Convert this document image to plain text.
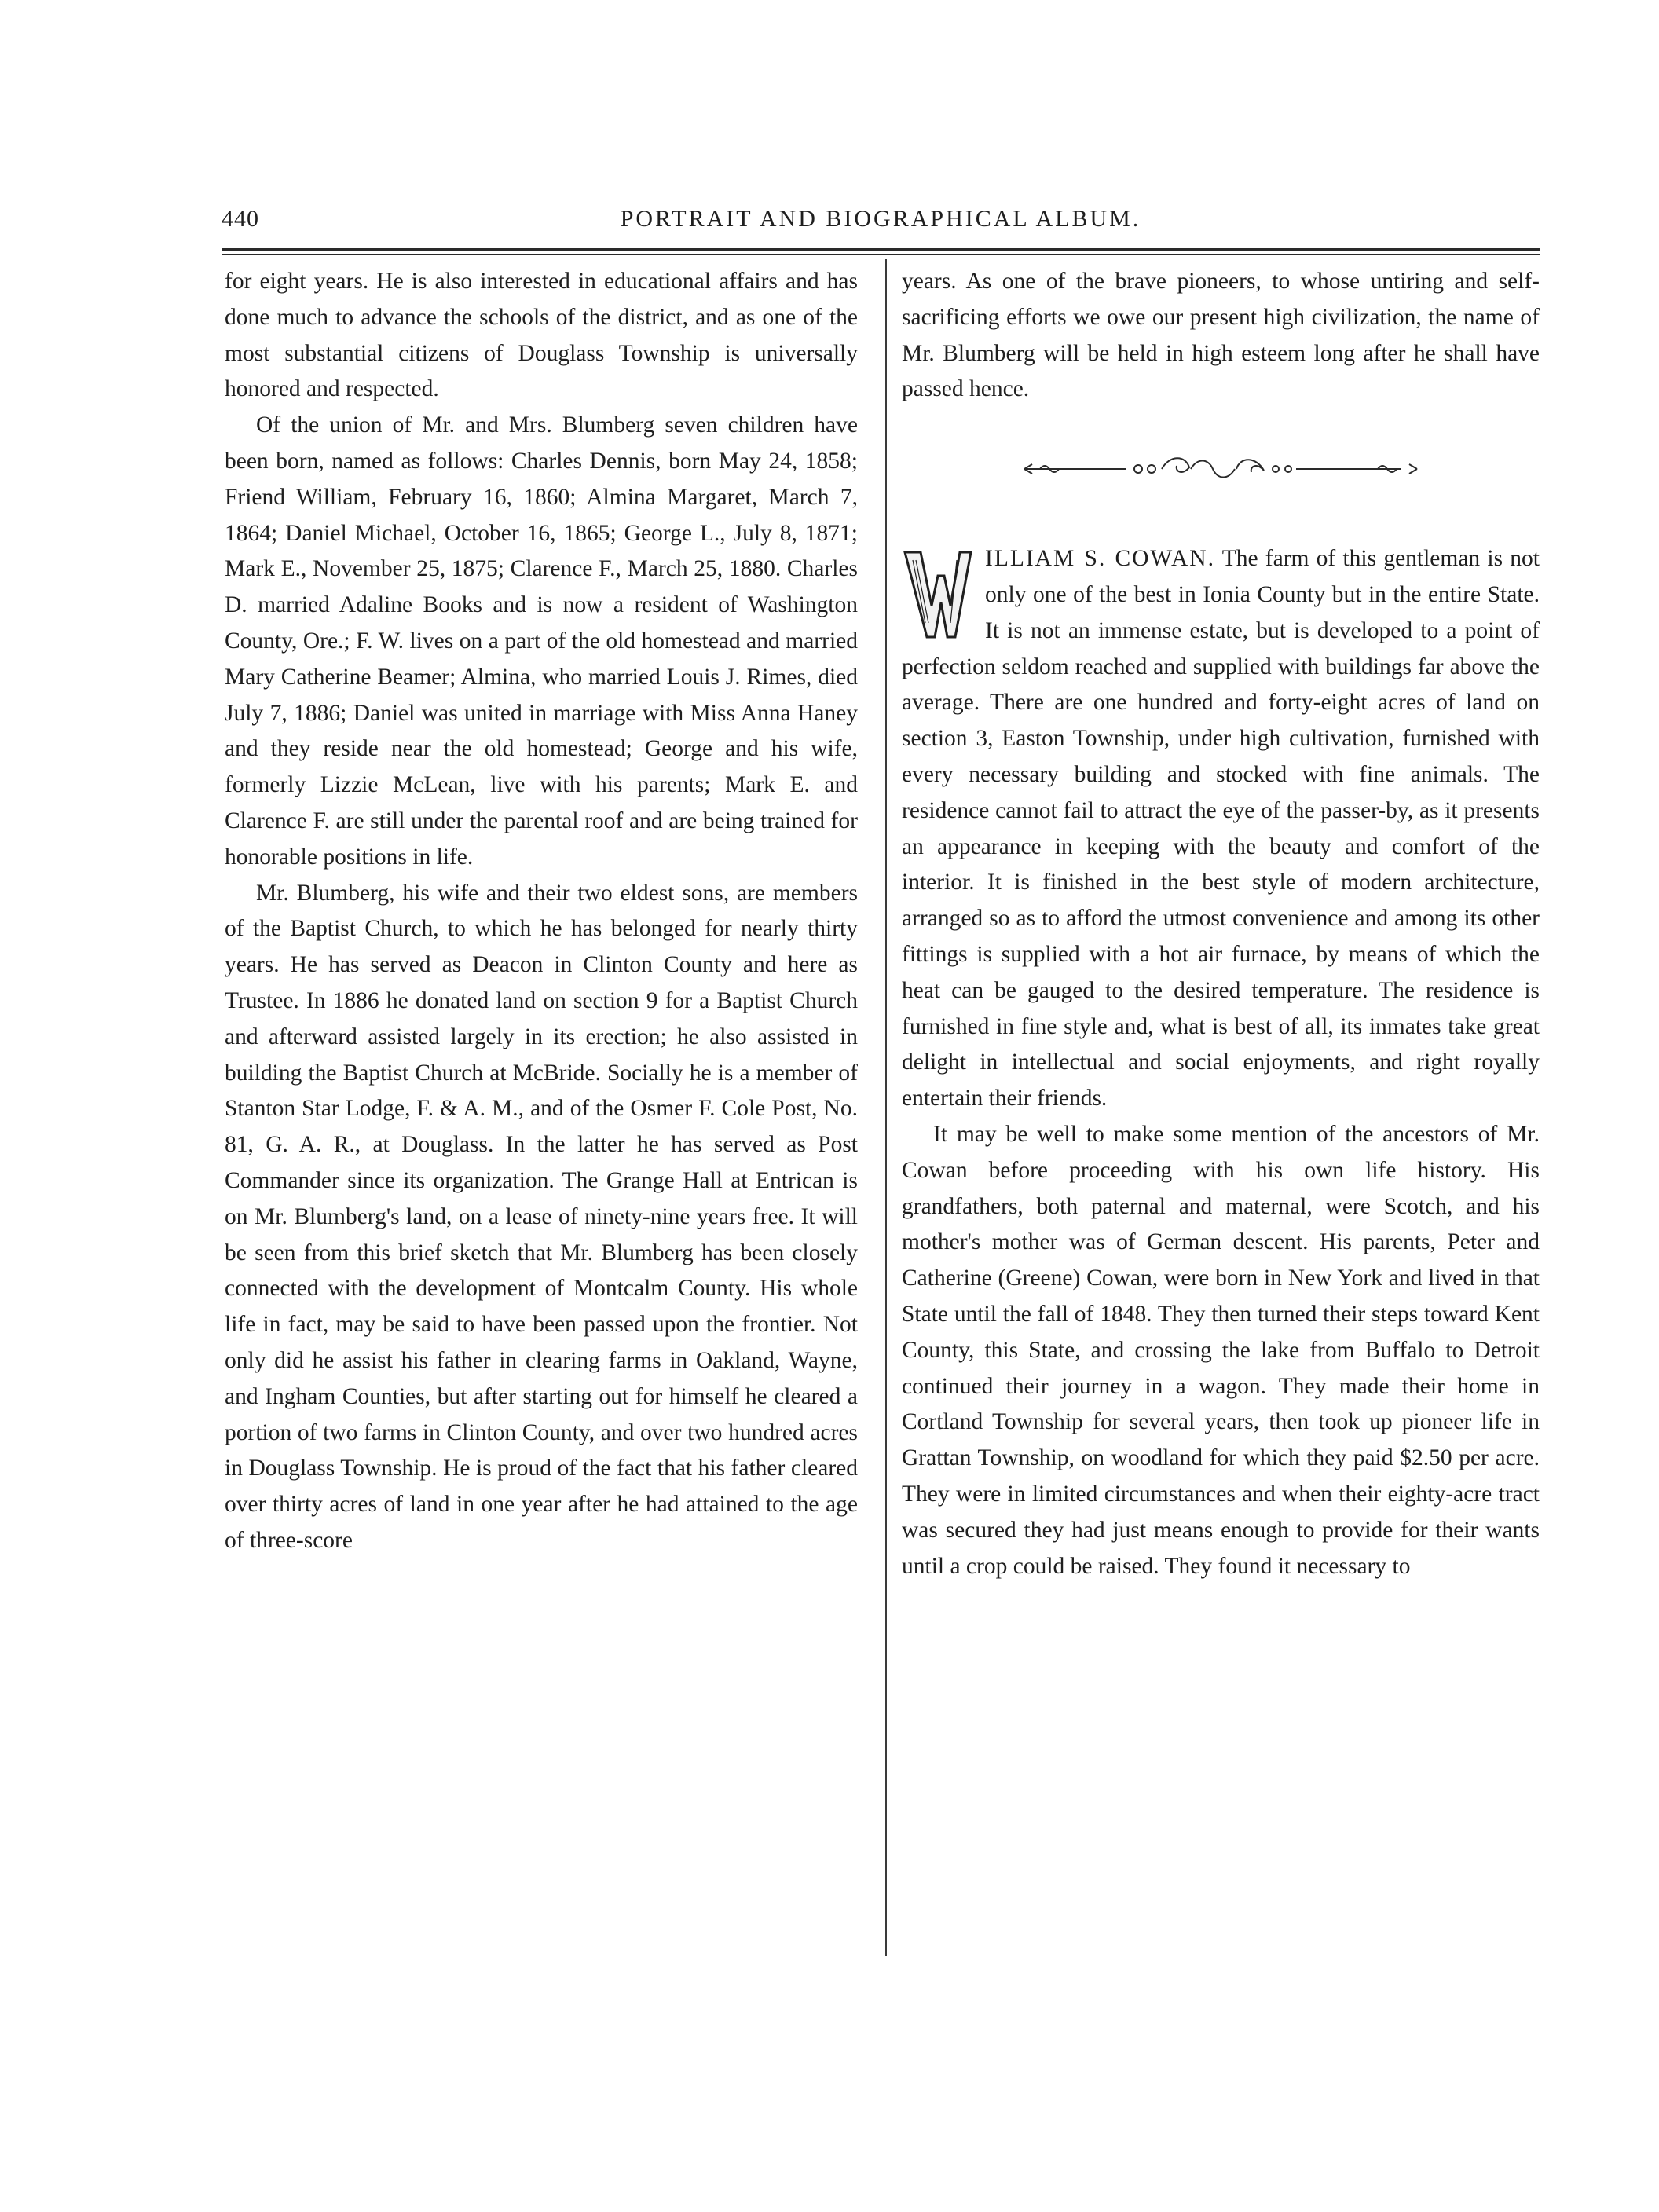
440	PORTRAIT AND BIOGRAPHICAL ALBUM.

for eight years. He is also interested in educational affairs and has done much to advance the schools of the district, and as one of the most substantial citizens of Douglass Township is universally honored and respected.

Of the union of Mr. and Mrs. Blumberg seven children have been born, named as follows: Charles Dennis, born May 24, 1858; Friend William, February 16, 1860; Almina Margaret, March 7, 1864; Daniel Michael, October 16, 1865; George L., July 8, 1871; Mark E., November 25, 1875; Clarence F., March 25, 1880. Charles D. married Adaline Books and is now a resident of Washington County, Ore.; F. W. lives on a part of the old homestead and married Mary Catherine Beamer; Almina, who married Louis J. Rimes, died July 7, 1886; Daniel was united in marriage with Miss Anna Haney and they reside near the old homestead; George and his wife, formerly Lizzie McLean, live with his parents; Mark E. and Clarence F. are still under the parental roof and are being trained for honorable positions in life.

Mr. Blumberg, his wife and their two eldest sons, are members of the Baptist Church, to which he has belonged for nearly thirty years. He has served as Deacon in Clinton County and here as Trustee. In 1886 he donated land on section 9 for a Baptist Church and afterward assisted largely in its erection; he also assisted in building the Baptist Church at McBride. Socially he is a member of Stanton Star Lodge, F. & A. M., and of the Osmer F. Cole Post, No. 81, G. A. R., at Douglass. In the latter he has served as Post Commander since its organization. The Grange Hall at Entrican is on Mr. Blumberg's land, on a lease of ninety-nine years free. It will be seen from this brief sketch that Mr. Blumberg has been closely connected with the development of Montcalm County. His whole life in fact, may be said to have been passed upon the frontier. Not only did he assist his father in clearing farms in Oakland, Wayne, and Ingham Counties, but after starting out for himself he cleared a portion of two farms in Clinton County, and over two hundred acres in Douglass Township. He is proud of the fact that his father cleared over thirty acres of land in one year after he had attained to the age of three-score

years. As one of the brave pioneers, to whose untiring and self-sacrificing efforts we owe our present high civilization, the name of Mr. Blumberg will be held in high esteem long after he shall have passed hence.

ILLIAM S. COWAN. The farm of this gentleman is not only one of the best in Ionia County but in the entire State. It is not an immense estate, but is developed to a point of perfection seldom reached and supplied with buildings far above the average. There are one hundred and forty-eight acres of land on section 3, Easton Township, under high cultivation, furnished with every necessary building and stocked with fine animals. The residence cannot fail to attract the eye of the passer-by, as it presents an appearance in keeping with the beauty and comfort of the interior. It is finished in the best style of modern architecture, arranged so as to afford the utmost convenience and among its other fittings is supplied with a hot air furnace, by means of which the heat can be gauged to the desired temperature. The residence is furnished in fine style and, what is best of all, its inmates take great delight in intellectual and social enjoyments, and right royally entertain their friends.

It may be well to make some mention of the ancestors of Mr. Cowan before proceeding with his own life history. His grandfathers, both paternal and maternal, were Scotch, and his mother's mother was of German descent. His parents, Peter and Catherine (Greene) Cowan, were born in New York and lived in that State until the fall of 1848. They then turned their steps toward Kent County, this State, and crossing the lake from Buffalo to Detroit continued their journey in a wagon. They made their home in Cortland Township for several years, then took up pioneer life in Grattan Township, on woodland for which they paid $2.50 per acre. They were in limited circumstances and when their eighty-acre tract was secured they had just means enough to provide for their wants until a crop could be raised. They found it necessary to
